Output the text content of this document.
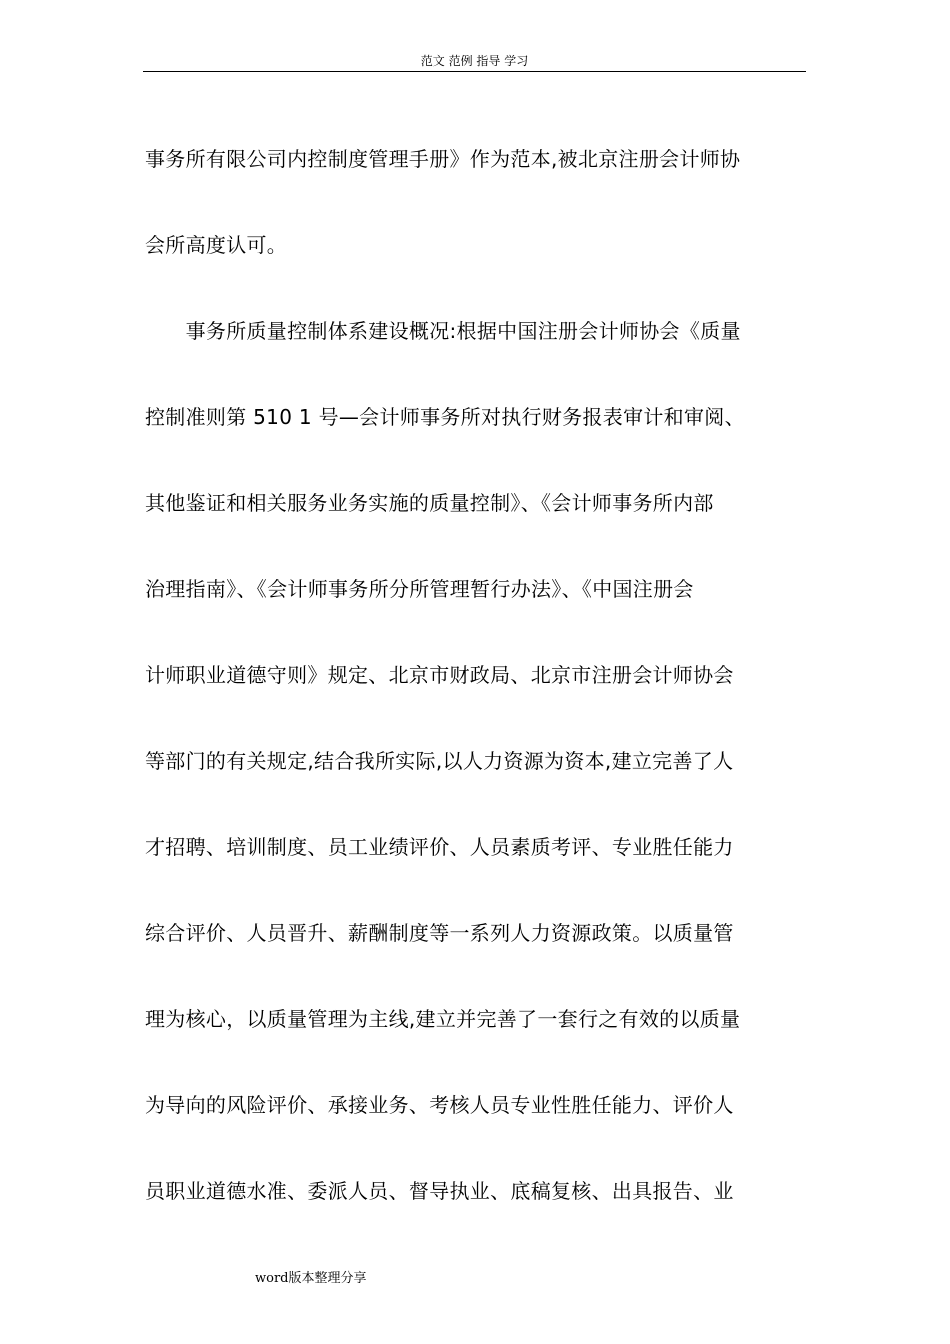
范文 范例 指导 学习
事务所有限公司内控制度管理手册》作为范本,被北京注册会计师协
会所高度认可。
　　事务所质量控制体系建设概况:根据中国注册会计师协会《质量
控制准则第 510 1 号—会计师事务所对执行财务报表审计和审阅、
其他鉴证和相关服务业务实施的质量控制》、《会计师事务所内部
治理指南》、《会计师事务所分所管理暂行办法》、《中国注册会
计师职业道德守则》规定、北京市财政局、北京市注册会计师协会
等部门的有关规定,结合我所实际,以人力资源为资本,建立完善了人
才招聘、培训制度、员工业绩评价、人员素质考评、专业胜任能力
综合评价、人员晋升、薪酬制度等一系列人力资源政策。以质量管
理为核心，以质量管理为主线,建立并完善了一套行之有效的以质量
为导向的风险评价、承接业务、考核人员专业性胜任能力、评价人
员职业道德水准、委派人员、督导执业、底稿复核、出具报告、业
word版本整理分享
